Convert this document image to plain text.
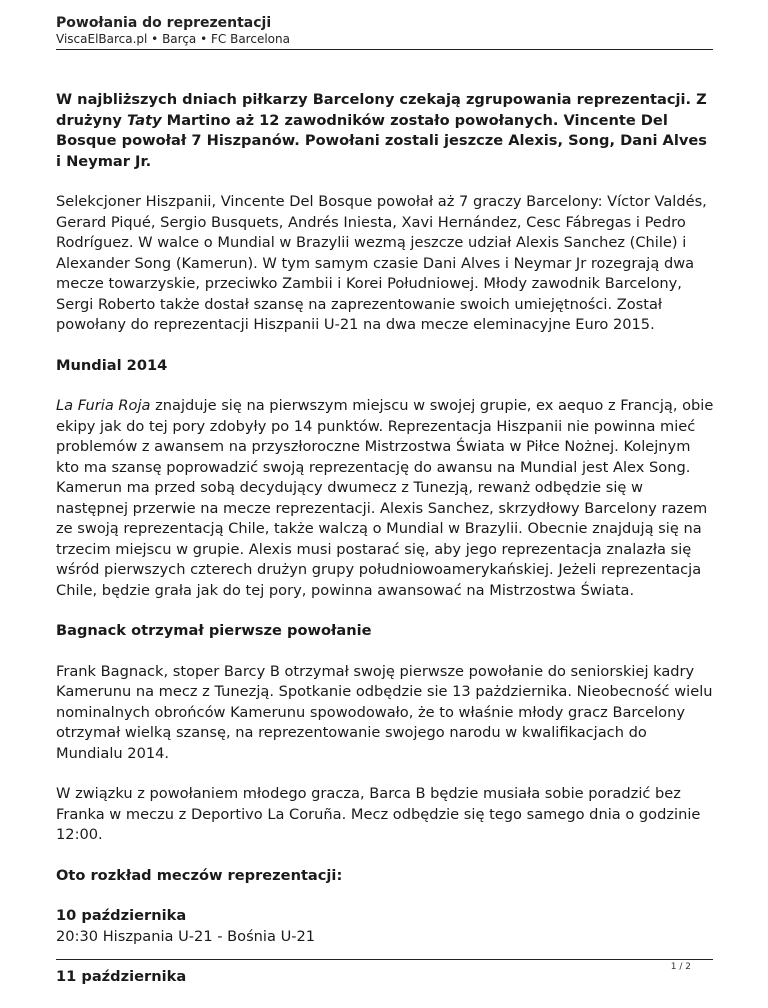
Powołania do reprezentacji
ViscaElBarca.pl • Barça • FC Barcelona

W najbliższych dniach piłkarzy Barcelony czekają zgrupowania reprezentacji. Z drużyny Taty Martino aż 12 zawodników zostało powołanych. Vincente Del Bosque powołał 7 Hiszpanów. Powołani zostali jeszcze Alexis, Song, Dani Alves i Neymar Jr.

Selekcjoner Hiszpanii, Vincente Del Bosque powołał aż 7 graczy Barcelony: Víctor Valdés, Gerard Piqué, Sergio Busquets, Andrés Iniesta, Xavi Hernández, Cesc Fábregas i Pedro Rodríguez. W walce o Mundial w Brazylii wezmą jeszcze udział Alexis Sanchez (Chile) i Alexander Song (Kamerun). W tym samym czasie Dani Alves i Neymar Jr rozegrają dwa mecze towarzyskie, przeciwko Zambii i Korei Południowej. Młody zawodnik Barcelony, Sergi Roberto także dostał szansę na zaprezentowanie swoich umiejętności. Został powołany do reprezentacji Hiszpanii U-21 na dwa mecze eleminacyjne Euro 2015.

Mundial 2014

La Furia Roja znajduje się na pierwszym miejscu w swojej grupie, ex aequo z Francją, obie ekipy jak do tej pory zdobyły po 14 punktów. Reprezentacja Hiszpanii nie powinna mieć problemów z awansem na przyszłoroczne Mistrzostwa Świata w Piłce Nożnej. Kolejnym kto ma szansę poprowadzić swoją reprezentację do awansu na Mundial jest Alex Song. Kamerun ma przed sobą decydujący dwumecz z Tunezją, rewanż odbędzie się w następnej przerwie na mecze reprezentacji. Alexis Sanchez, skrzydłowy Barcelony razem ze swoją reprezentacją Chile, także walczą o Mundial w Brazylii. Obecnie znajdują się na trzecim miejscu w grupie. Alexis musi postarać się, aby jego reprezentacja znalazła się wśród pierwszych czterech drużyn grupy południowoamerykańskiej. Jeżeli reprezentacja Chile, będzie grała jak do tej pory, powinna awansować na Mistrzostwa Świata.

Bagnack otrzymał pierwsze powołanie

Frank Bagnack, stoper Barcy B otrzymał swoję pierwsze powołanie do seniorskiej kadry Kamerunu na mecz z Tunezją. Spotkanie odbędzie sie 13 pażdziernika. Nieobecność wielu nominalnych obrońców Kamerunu spowodowało, że to właśnie młody gracz Barcelony otrzymał wielką szansę, na reprezentowanie swojego narodu w kwalifikacjach do Mundialu 2014.

W związku z powołaniem młodego gracza, Barca B będzie musiała sobie poradzić bez Franka w meczu z Deportivo La Coruña. Mecz odbędzie się tego samego dnia o godzinie 12:00.

Oto rozkład meczów reprezentacji:
10 października
20:30 Hiszpania U-21 - Bośnia U-21
11 października
1 / 2
